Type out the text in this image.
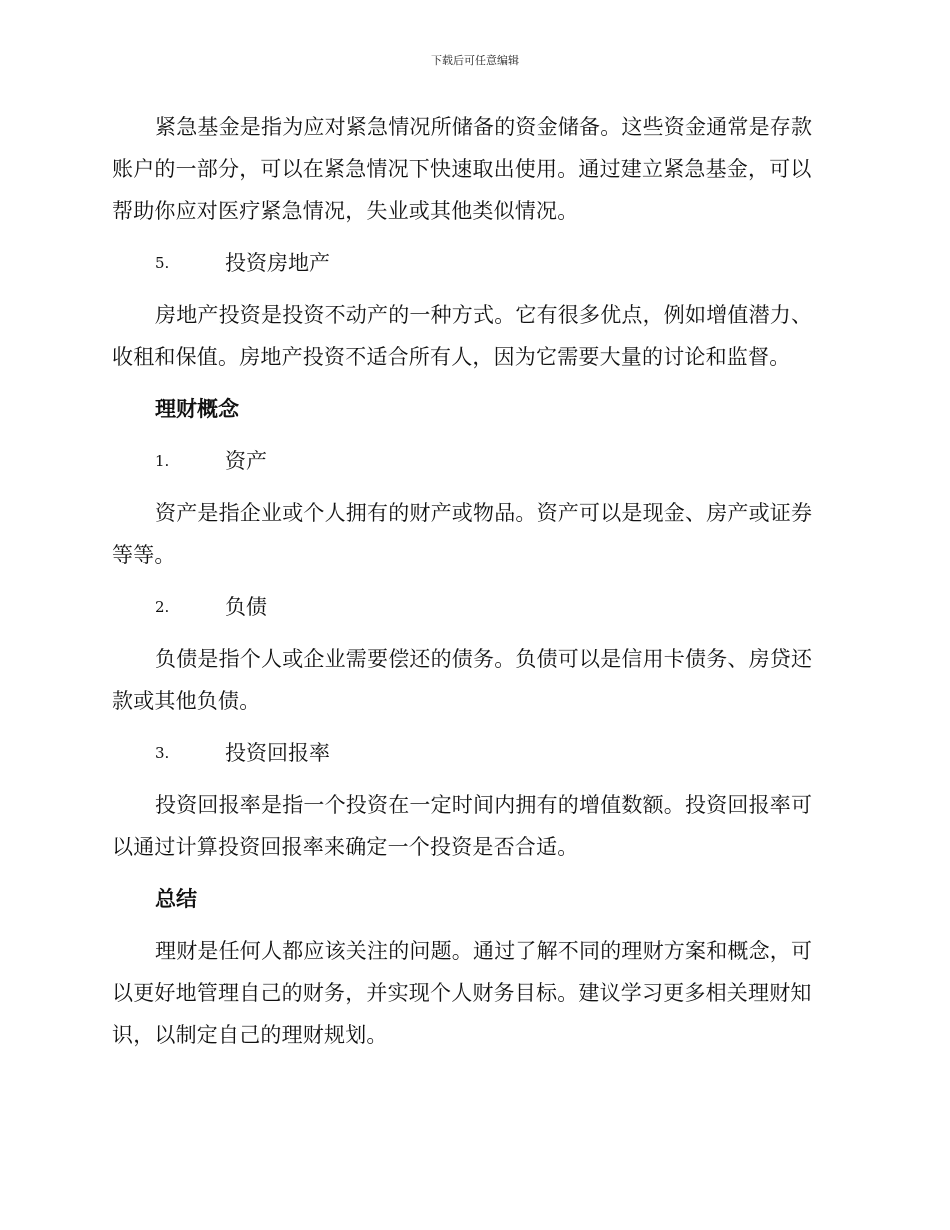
下载后可任意编辑

紧急基金是指为应对紧急情况所储备的资金储备。这些资金通常是存款账户的一部分，可以在紧急情况下快速取出使用。通过建立紧急基金，可以帮助你应对医疗紧急情况，失业或其他类似情况。

5.	投资房地产

房地产投资是投资不动产的一种方式。它有很多优点，例如增值潜力、收租和保值。房地产投资不适合所有人，因为它需要大量的讨论和监督。

理财概念
1.	资产

资产是指企业或个人拥有的财产或物品。资产可以是现金、房产或证券等等。

2.	负债

负债是指个人或企业需要偿还的债务。负债可以是信用卡债务、房贷还款或其他负债。

3.	投资回报率

投资回报率是指一个投资在一定时间内拥有的增值数额。投资回报率可以通过计算投资回报率来确定一个投资是否合适。

总结

理财是任何人都应该关注的问题。通过了解不同的理财方案和概念，可以更好地管理自己的财务，并实现个人财务目标。建议学习更多相关理财知识，以制定自己的理财规划。
